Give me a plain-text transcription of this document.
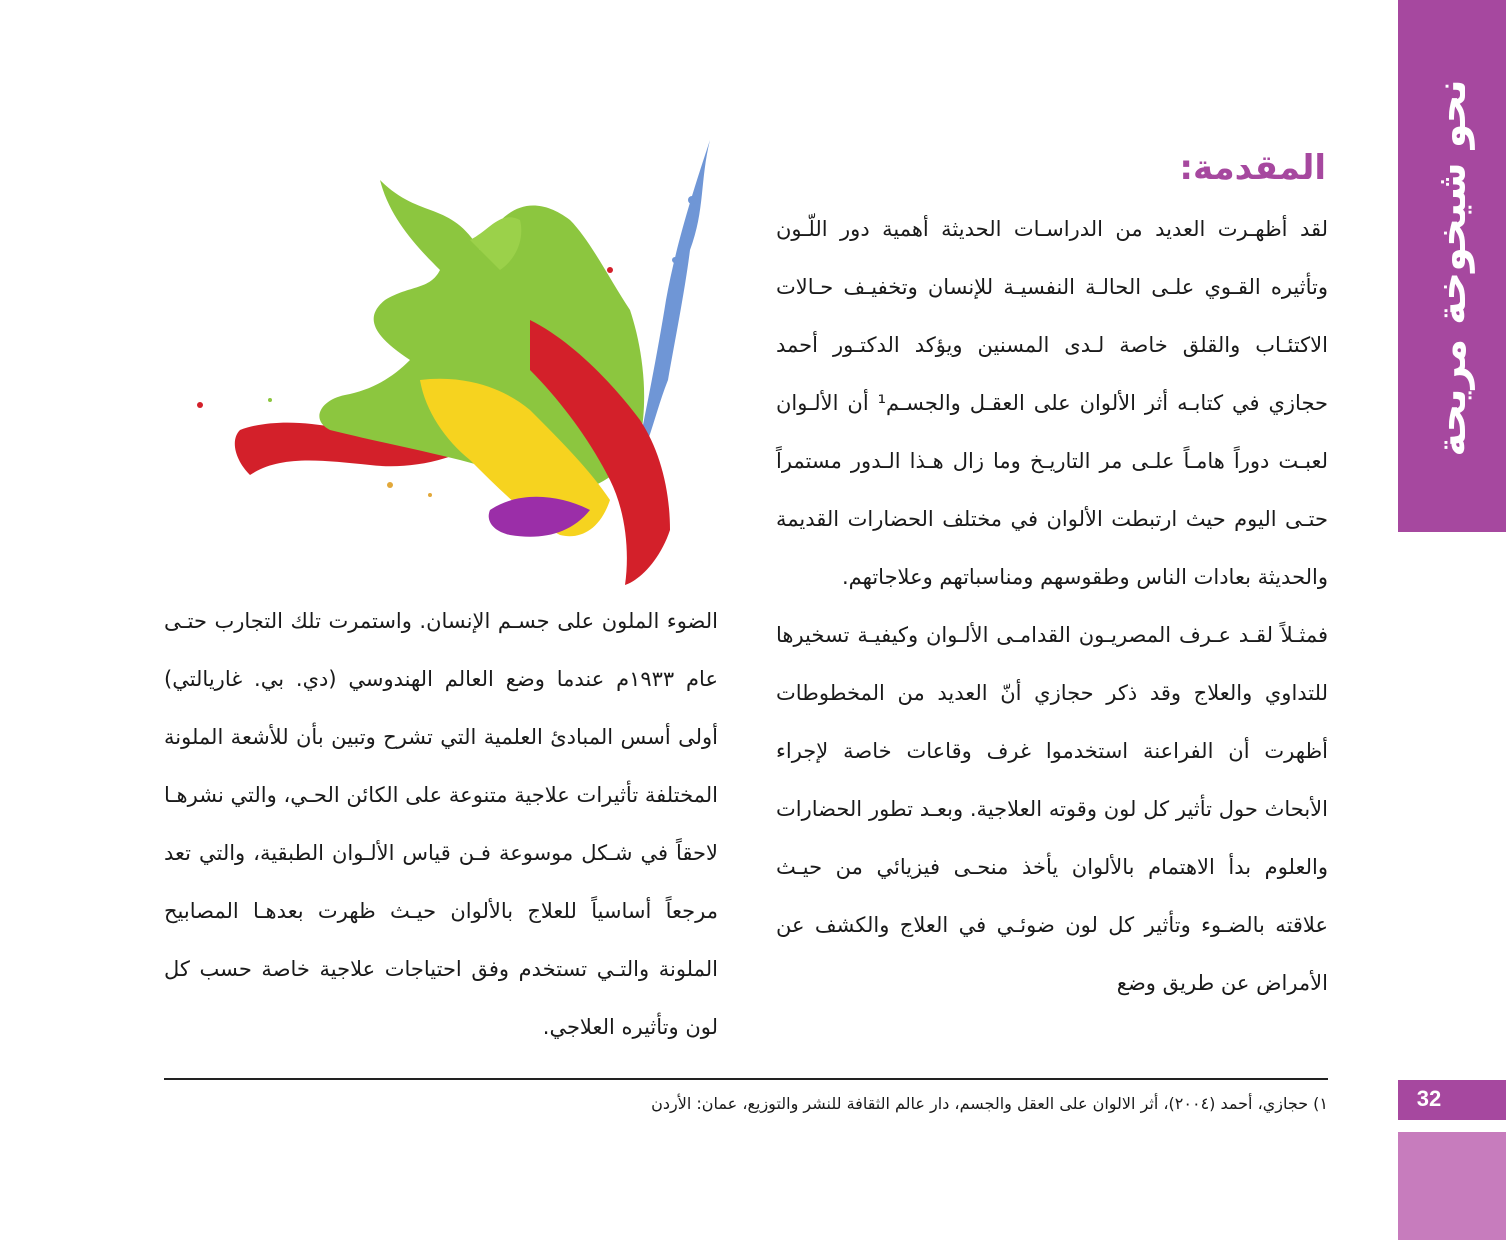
نحو شيخوخة مريحة
32
المقدمة:

لقد أظهـرت العديد من الدراسـات الحديثة أهمية دور اللّـون وتأثيره القـوي علـى الحالـة النفسيـة للإنسان وتخفيـف حـالات الاكتئـاب والقلق خاصة لـدى المسنين ويؤكد الدكتـور أحمد حجازي في كتابـه أثر الألوان على العقـل والجسـم¹ أن الألـوان لعبـت دوراً هامـاً علـى مر التاريـخ وما زال هـذا الـدور مستمراً حتـى اليوم حيث ارتبطت الألوان في مختلف الحضارات القديمة والحديثة بعادات الناس وطقوسهم ومناسباتهم وعلاجاتهم.

فمثـلاً لقـد عـرف المصريـون القدامـى الألـوان وكيفيـة تسخيرها للتداوي والعلاج وقد ذكر حجازي أنّ العديد من المخطوطات أظهرت أن الفراعنة استخدموا غرف وقاعات خاصة لإجراء الأبحاث حول تأثير كل لون وقوته العلاجية. وبعـد تطور الحضارات والعلوم بدأ الاهتمام بالألوان يأخذ منحـى فيزيائي من حيـث علاقته بالضـوء وتأثير كل لون ضوئـي في العلاج والكشف عن الأمراض عن طريق وضع

الضوء الملون على جسـم الإنسان. واستمرت تلك التجارب حتـى عام ١٩٣٣م عندما وضع العالم الهندوسي (دي. بي. غاريالتي) أولى أسس المبادئ العلمية التي تشرح وتبين بأن للأشعة الملونة المختلفة تأثيرات علاجية متنوعة على الكائن الحـي، والتي نشرهـا لاحقاً في شـكل موسوعة فـن قياس الألـوان الطبقية، والتي تعد مرجعاً أساسياً للعلاج بالألوان حيـث ظهرت بعدهـا المصابيح الملونة والتـي تستخدم وفق احتياجات علاجية خاصة حسب كل لون وتأثيره العلاجي.

١) حجازي، أحمد (٢٠٠٤)، أثر الالوان على العقل والجسم، دار عالم الثقافة للنشر والتوزيع، عمان: الأردن
